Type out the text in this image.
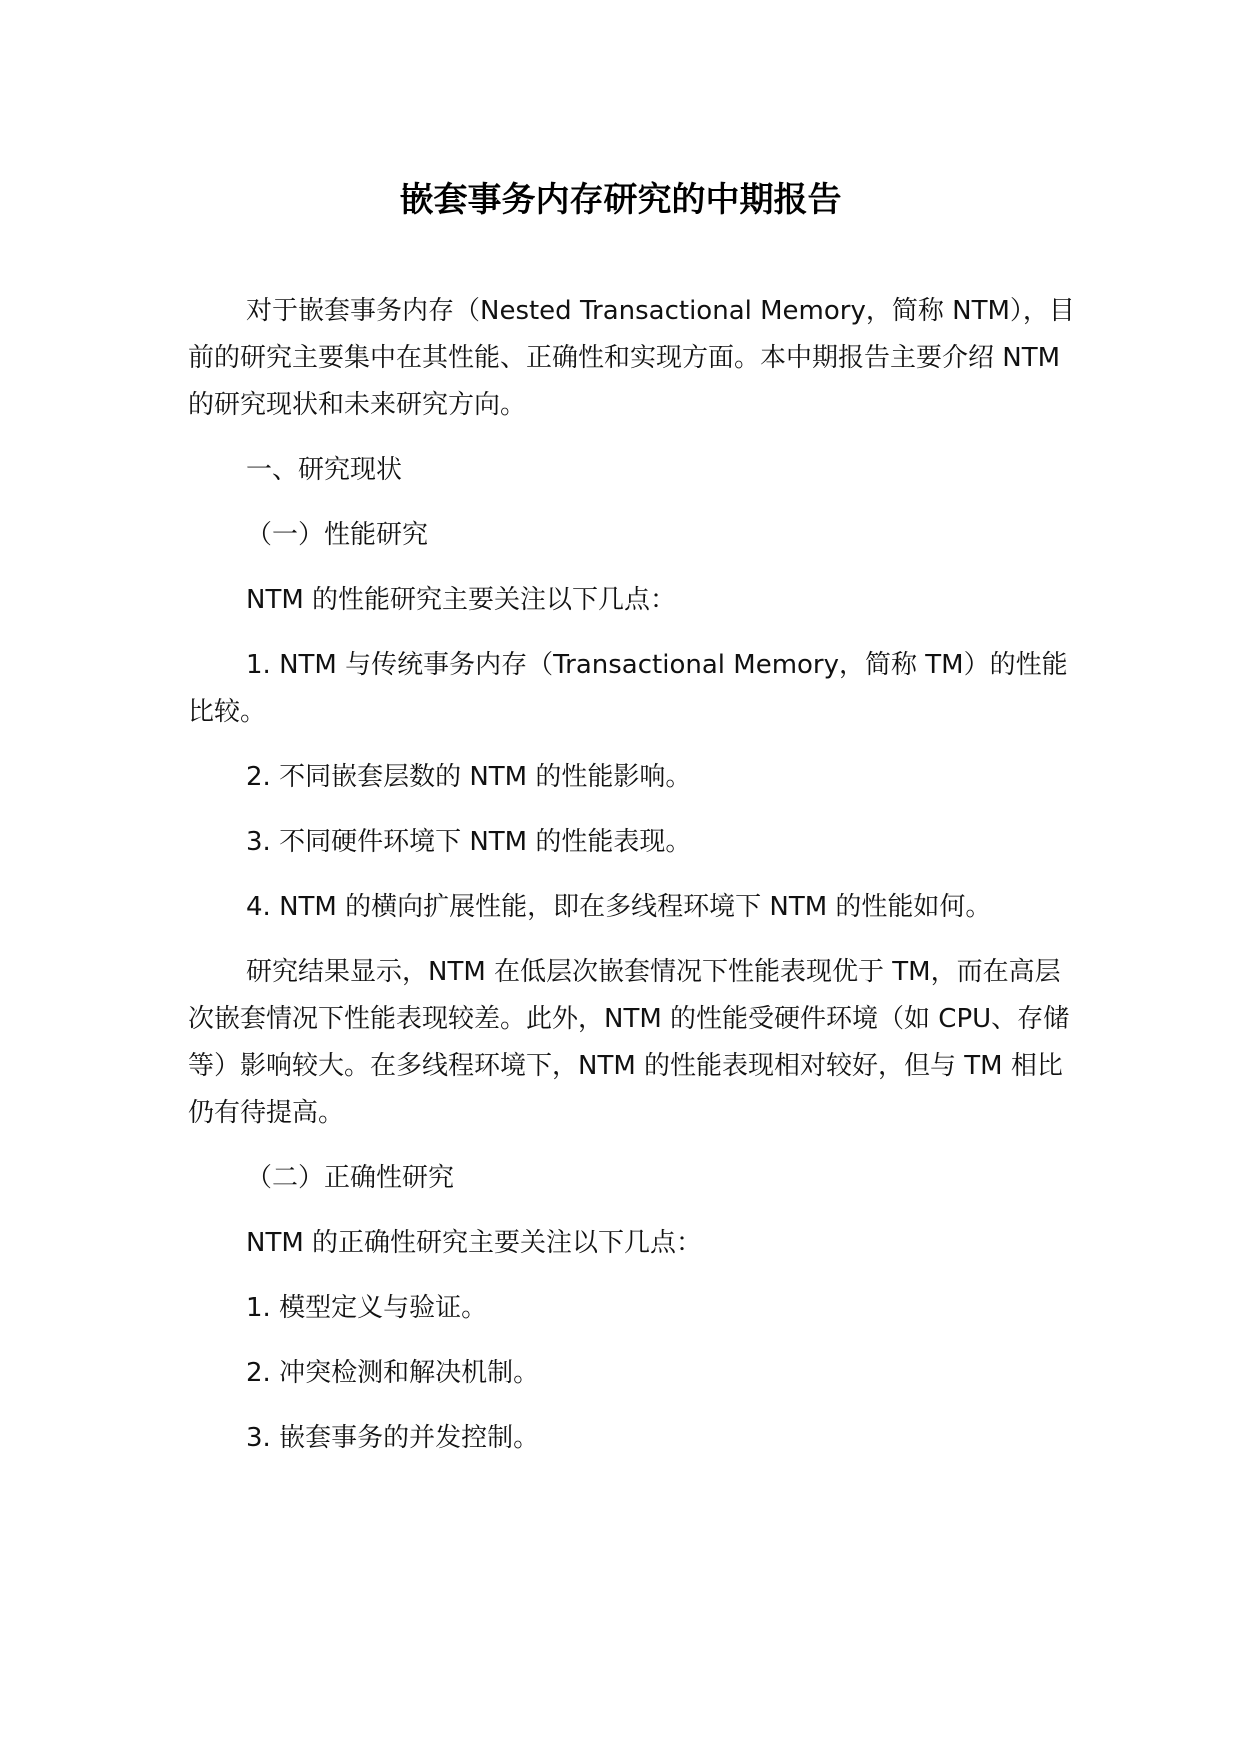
嵌套事务内存研究的中期报告

对于嵌套事务内存（Nested Transactional Memory，简称 NTM），目前的研究主要集中在其性能、正确性和实现方面。本中期报告主要介绍 NTM 的研究现状和未来研究方向。

一、研究现状

（一）性能研究

NTM 的性能研究主要关注以下几点：

1. NTM 与传统事务内存（Transactional Memory，简称 TM）的性能比较。

2. 不同嵌套层数的 NTM 的性能影响。

3. 不同硬件环境下 NTM 的性能表现。

4. NTM 的横向扩展性能，即在多线程环境下 NTM 的性能如何。

研究结果显示，NTM 在低层次嵌套情况下性能表现优于 TM，而在高层次嵌套情况下性能表现较差。此外，NTM 的性能受硬件环境（如 CPU、存储等）影响较大。在多线程环境下，NTM 的性能表现相对较好，但与 TM 相比仍有待提高。

（二）正确性研究

NTM 的正确性研究主要关注以下几点：

1. 模型定义与验证。

2. 冲突检测和解决机制。

3. 嵌套事务的并发控制。
